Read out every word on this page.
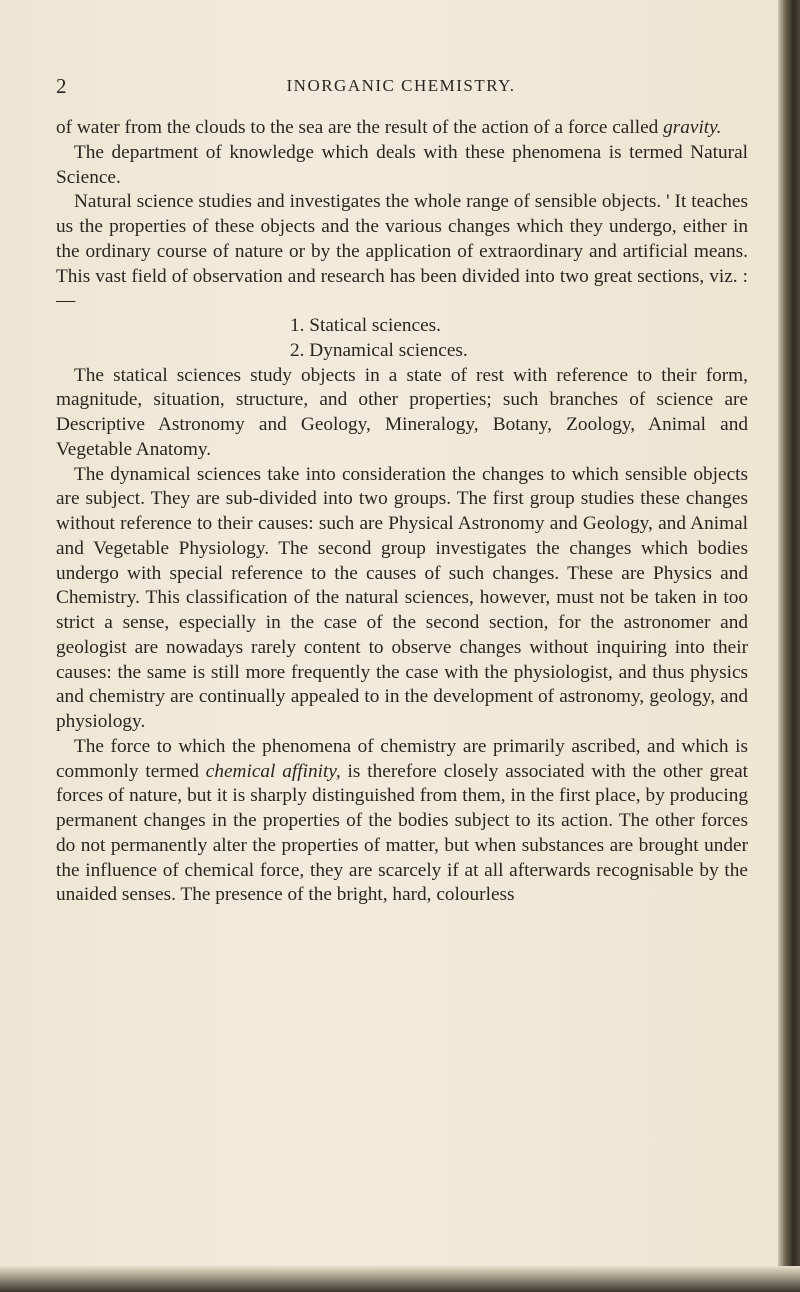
2	INORGANIC CHEMISTRY.

of water from the clouds to the sea are the result of the action of a force called gravity.

The department of knowledge which deals with these phenomena is termed Natural Science.

Natural science studies and investigates the whole range of sensible objects. ' It teaches us the properties of these objects and the various changes which they undergo, either in the ordinary course of nature or by the application of extraordinary and artificial means. This vast field of observation and research has been divided into two great sections, viz. :—

1. Statical sciences.
2. Dynamical sciences.

The statical sciences study objects in a state of rest with reference to their form, magnitude, situation, structure, and other properties; such branches of science are Descriptive Astronomy and Geology, Mineralogy, Botany, Zoology, Animal and Vegetable Anatomy.

The dynamical sciences take into consideration the changes to which sensible objects are subject. They are sub-divided into two groups. The first group studies these changes without reference to their causes: such are Physical Astronomy and Geology, and Animal and Vegetable Physiology. The second group investigates the changes which bodies undergo with special reference to the causes of such changes. These are Physics and Chemistry. This classification of the natural sciences, however, must not be taken in too strict a sense, especially in the case of the second section, for the astronomer and geologist are nowadays rarely content to observe changes without inquiring into their causes: the same is still more frequently the case with the physiologist, and thus physics and chemistry are continually appealed to in the development of astronomy, geology, and physiology.

The force to which the phenomena of chemistry are primarily ascribed, and which is commonly termed chemical affinity, is therefore closely associated with the other great forces of nature, but it is sharply distinguished from them, in the first place, by producing permanent changes in the properties of the bodies subject to its action. The other forces do not permanently alter the properties of matter, but when substances are brought under the influence of chemical force, they are scarcely if at all afterwards recognisable by the unaided senses. The presence of the bright, hard, colourless
